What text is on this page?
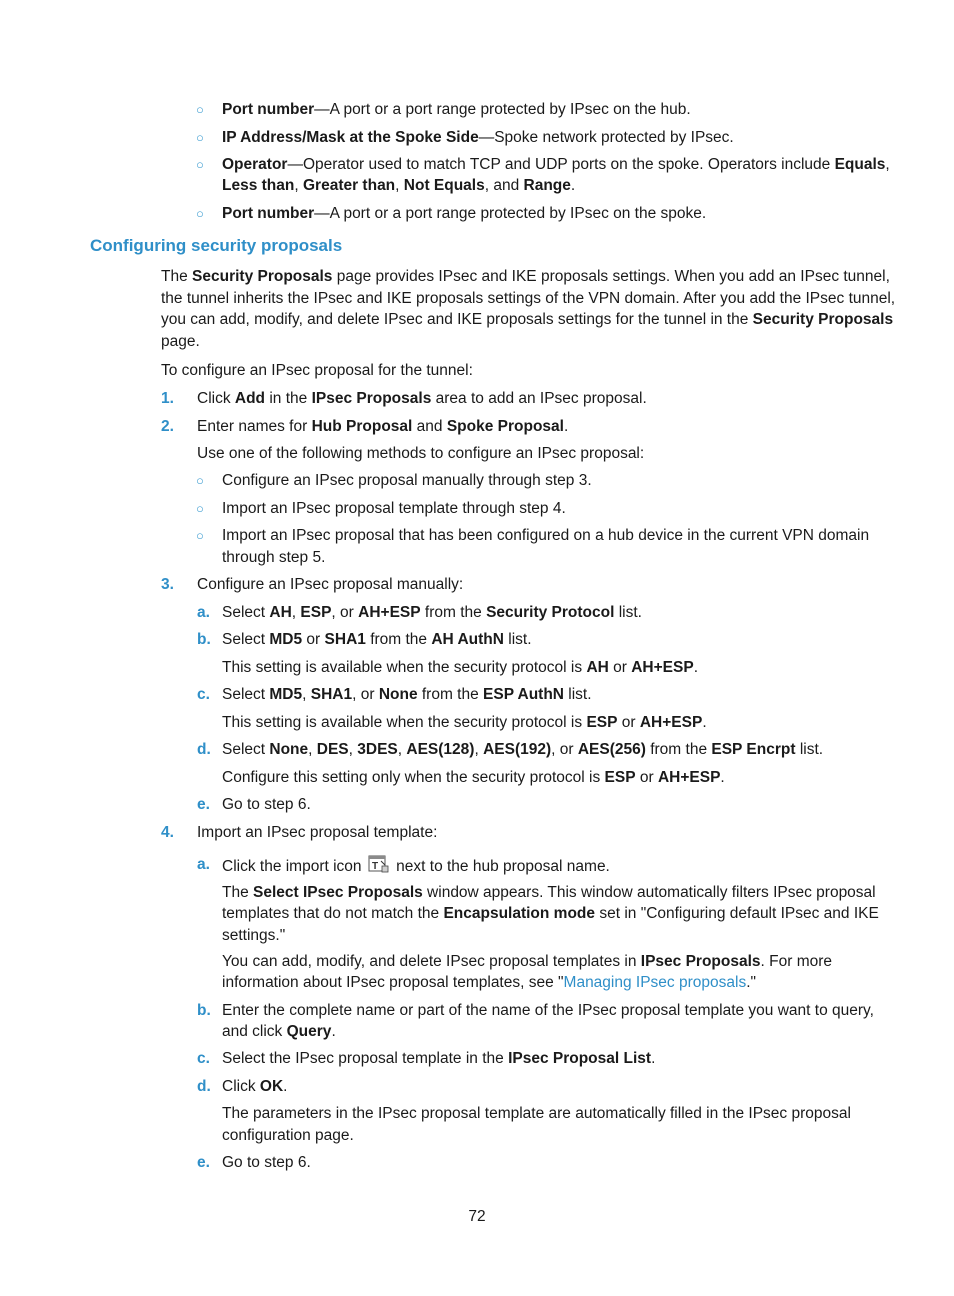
○ Port number—A port or a port range protected by IPsec on the hub.
○ IP Address/Mask at the Spoke Side—Spoke network protected by IPsec.
○ Operator—Operator used to match TCP and UDP ports on the spoke. Operators include Equals,
Less than, Greater than, Not Equals, and Range.
○ Port number—A port or a port range protected by IPsec on the spoke.
Configuring security proposals
The Security Proposals page provides IPsec and IKE proposals settings. When you add an IPsec tunnel,
the tunnel inherits the IPsec and IKE proposals settings of the VPN domain. After you add the IPsec tunnel,
you can add, modify, and delete IPsec and IKE proposals settings for the tunnel in the Security Proposals
page.
To configure an IPsec proposal for the tunnel:
1. Click Add in the IPsec Proposals area to add an IPsec proposal.
2. Enter names for Hub Proposal and Spoke Proposal.
Use one of the following methods to configure an IPsec proposal:
○ Configure an IPsec proposal manually through step 3.
○ Import an IPsec proposal template through step 4.
○ Import an IPsec proposal that has been configured on a hub device in the current VPN domain
through step 5.
3. Configure an IPsec proposal manually:
a. Select AH, ESP, or AH+ESP from the Security Protocol list.
b. Select MD5 or SHA1 from the AH AuthN list.
This setting is available when the security protocol is AH or AH+ESP.
c. Select MD5, SHA1, or None from the ESP AuthN list.
This setting is available when the security protocol is ESP or AH+ESP.
d. Select None, DES, 3DES, AES(128), AES(192), or AES(256) from the ESP Encrpt list.
Configure this setting only when the security protocol is ESP or AH+ESP.
e. Go to step 6.
4. Import an IPsec proposal template:
a. Click the import icon T next to the hub proposal name.
The Select IPsec Proposals window appears. This window automatically filters IPsec proposal
templates that do not match the Encapsulation mode set in "Configuring default IPsec and IKE
settings."
You can add, modify, and delete IPsec proposal templates in IPsec Proposals. For more
information about IPsec proposal templates, see "Managing IPsec proposals."
b. Enter the complete name or part of the name of the IPsec proposal template you want to query,
and click Query.
c. Select the IPsec proposal template in the IPsec Proposal List.
d. Click OK.
The parameters in the IPsec proposal template are automatically filled in the IPsec proposal
configuration page.
e. Go to step 6.
72
